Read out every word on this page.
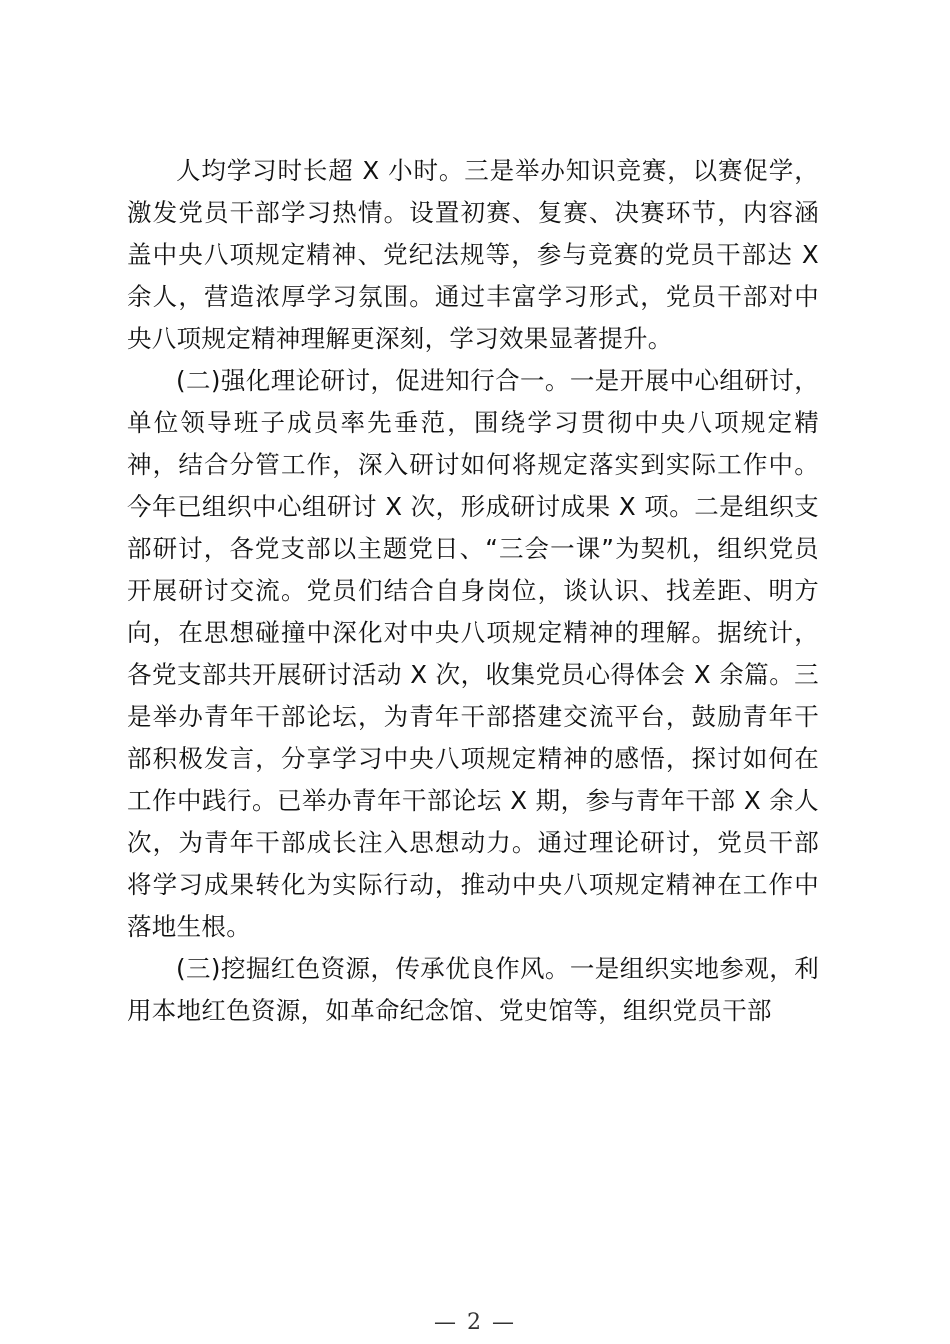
人均学习时长超 X 小时。三是举办知识竞赛，以赛促学，激发党员干部学习热情。设置初赛、复赛、决赛环节，内容涵盖中央八项规定精神、党纪法规等，参与竞赛的党员干部达 X 余人，营造浓厚学习氛围。通过丰富学习形式，党员干部对中央八项规定精神理解更深刻，学习效果显著提升。

(二)强化理论研讨，促进知行合一。一是开展中心组研讨，单位领导班子成员率先垂范，围绕学习贯彻中央八项规定精神，结合分管工作，深入研讨如何将规定落实到实际工作中。今年已组织中心组研讨 X 次，形成研讨成果 X 项。二是组织支部研讨，各党支部以主题党日、“三会一课”为契机，组织党员开展研讨交流。党员们结合自身岗位，谈认识、找差距、明方向，在思想碰撞中深化对中央八项规定精神的理解。据统计，各党支部共开展研讨活动 X 次，收集党员心得体会 X 余篇。三是举办青年干部论坛，为青年干部搭建交流平台，鼓励青年干部积极发言，分享学习中央八项规定精神的感悟，探讨如何在工作中践行。已举办青年干部论坛 X 期，参与青年干部 X 余人次，为青年干部成长注入思想动力。通过理论研讨，党员干部将学习成果转化为实际行动，推动中央八项规定精神在工作中落地生根。

(三)挖掘红色资源，传承优良作风。一是组织实地参观，利用本地红色资源，如革命纪念馆、党史馆等，组织党员干部

— 2 —
